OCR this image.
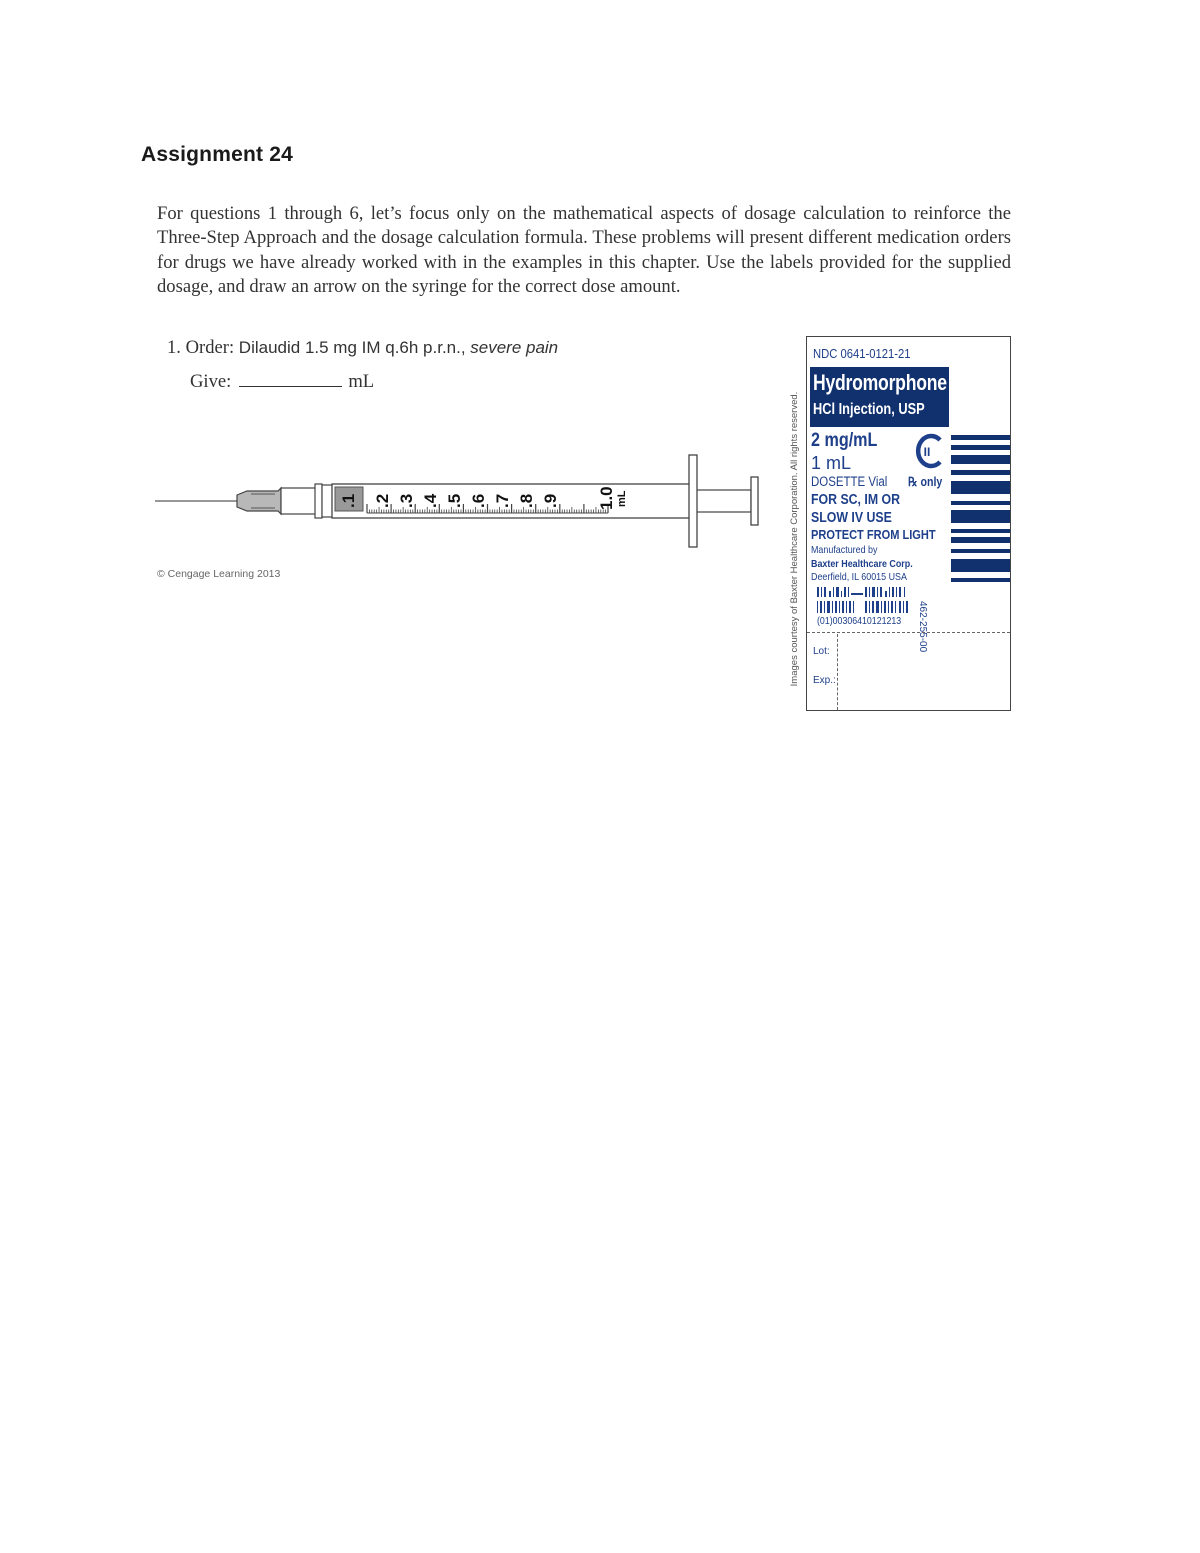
Assignment 24

For questions 1 through 6, let’s focus only on the mathematical aspects of dosage calculation to reinforce the Three-Step Approach and the dosage calculation formula. These problems will present different medication orders for drugs we have already worked with in the examples in this chapter. Use the labels provided for the supplied dosage, and draw an arrow on the syringe for the correct dose amount.

1. Order: Dilaudid 1.5 mg IM q.6h p.r.n., severe pain
Give:	mL
.1 .2 .3 .4 .5 .6 .7 .8 .9 1.0 mL
© Cengage Learning 2013	Images courtesy of Baxter Healthcare Corporation. All rights reserved.
NDC 0641-0121-21
Hydromorphone
HCl Injection, USP
2 mg/mL
1 mL
II
DOSETTE Vial ℞ only
FOR SC, IM OR
SLOW IV USE
PROTECT FROM LIGHT
Manufactured by
Baxter Healthcare Corp.
Deerfield, IL 60015 USA
(01)00306410121213 462-255-00
Lot:
Exp.:
